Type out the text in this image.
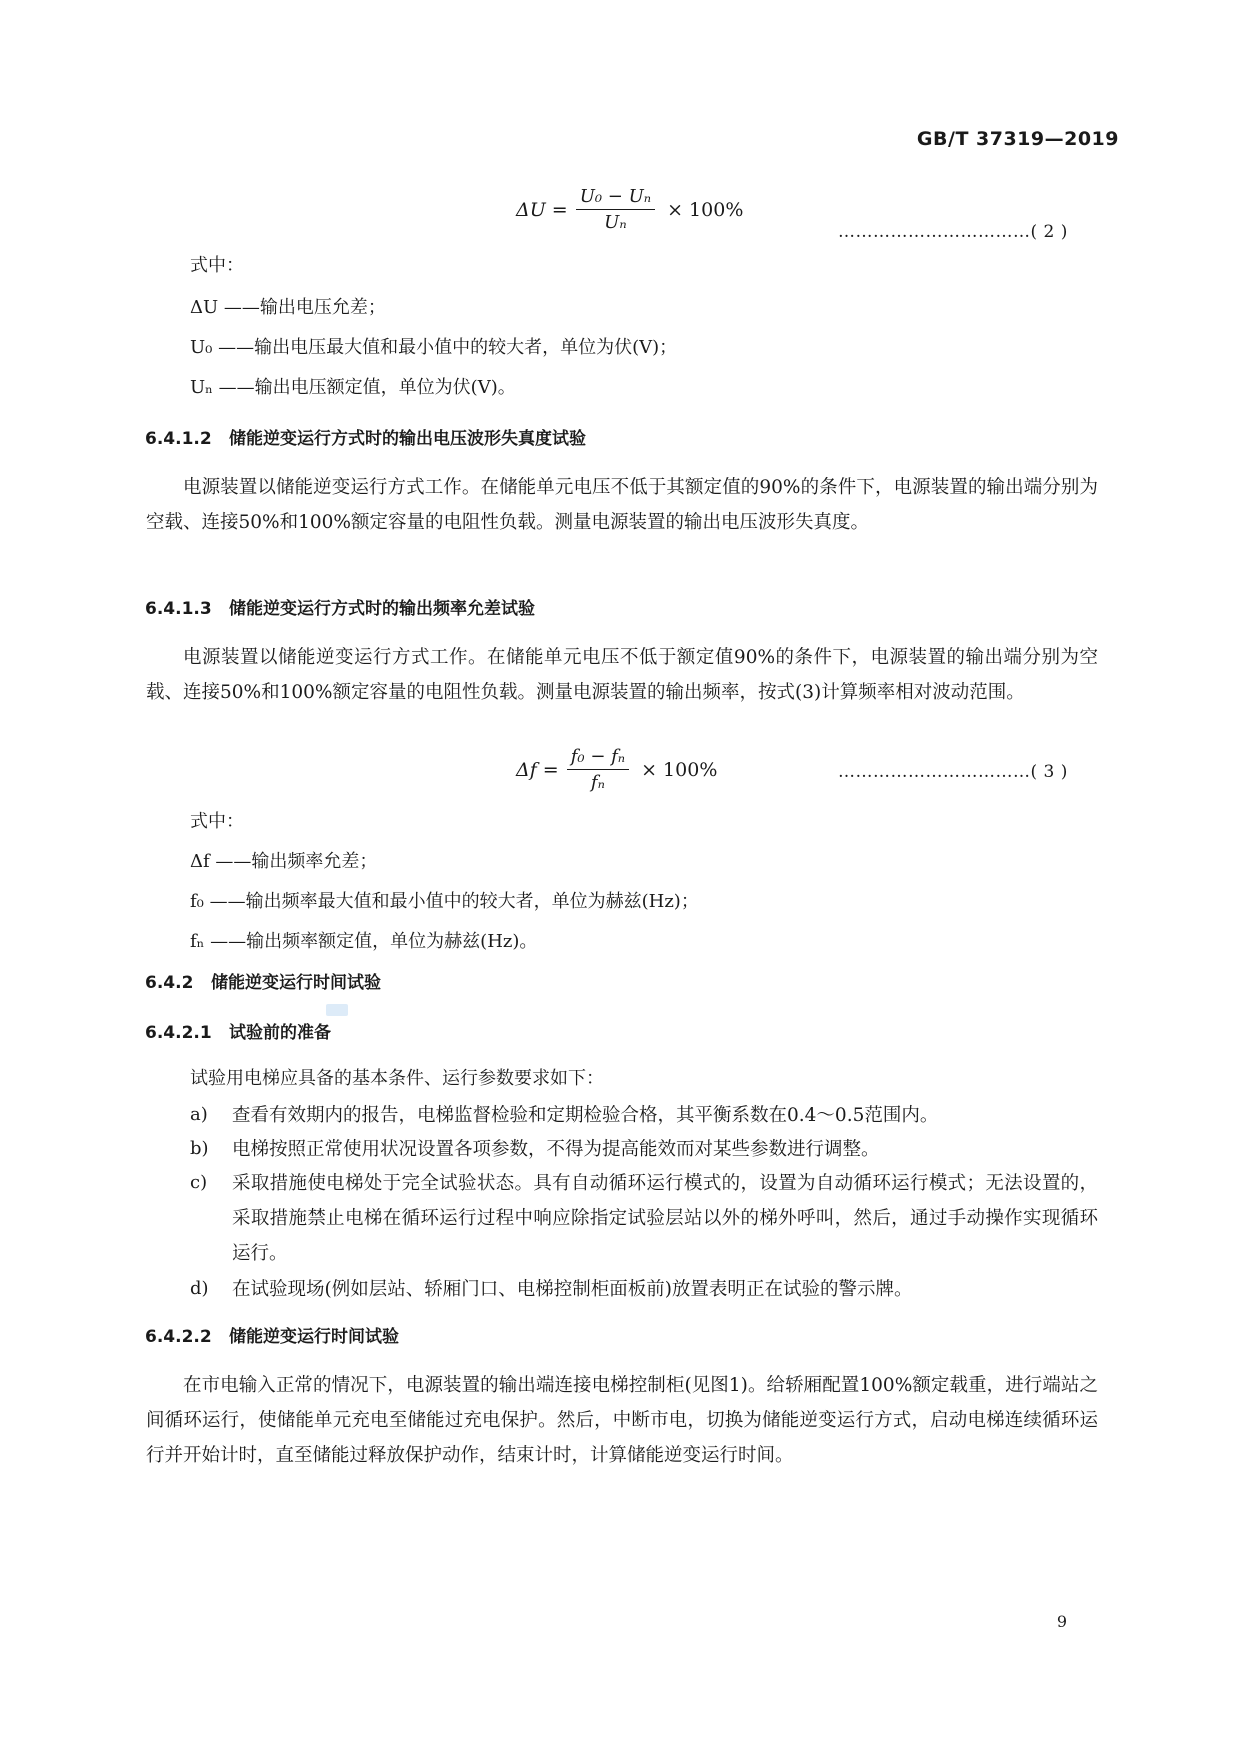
GB/T 37319—2019
$\Delta U = \frac{\text{U₀ − Uₙ}}{\text{Uₙ}} \times 100\%$
……………………………( 2 )
式中：
ΔU ——输出电压允差；
U₀ ——输出电压最大值和最小值中的较大者，单位为伏(V)；
Uₙ ——输出电压额定值，单位为伏(V)。
6.4.1.2 储能逆变运行方式时的输出电压波形失真度试验
电源装置以储能逆变运行方式工作。在储能单元电压不低于其额定值的90%的条件下，电源装置的输出端分别为空载、连接50%和100%额定容量的电阻性负载。测量电源装置的输出电压波形失真度。
6.4.1.3 储能逆变运行方式时的输出频率允差试验
电源装置以储能逆变运行方式工作。在储能单元电压不低于额定值90%的条件下，电源装置的输出端分别为空载、连接50%和100%额定容量的电阻性负载。测量电源装置的输出频率，按式(3)计算频率相对波动范围。
$\Delta f = \frac{\text{f₀ − fₙ}}{\text{fₙ}} \times 100\%$	……………………………( 3 )
式中：
Δf ——输出频率允差；
f₀ ——输出频率最大值和最小值中的较大者，单位为赫兹(Hz)；
fₙ ——输出频率额定值，单位为赫兹(Hz)。
6.4.2 储能逆变运行时间试验
6.4.2.1 试验前的准备
试验用电梯应具备的基本条件、运行参数要求如下：
a) 查看有效期内的报告，电梯监督检验和定期检验合格，其平衡系数在0.4～0.5范围内。
b) 电梯按照正常使用状况设置各项参数，不得为提高能效而对某些参数进行调整。
c) 采取措施使电梯处于完全试验状态。具有自动循环运行模式的，设置为自动循环运行模式；无法设置的，采取措施禁止电梯在循环运行过程中响应除指定试验层站以外的梯外呼叫，然后，通过手动操作实现循环运行。
d) 在试验现场(例如层站、轿厢门口、电梯控制柜面板前)放置表明正在试验的警示牌。
6.4.2.2 储能逆变运行时间试验
在市电输入正常的情况下，电源装置的输出端连接电梯控制柜(见图1)。给轿厢配置100%额定载重，进行端站之间循环运行，使储能单元充电至储能过充电保护。然后，中断市电，切换为储能逆变运行方式，启动电梯连续循环运行并开始计时，直至储能过释放保护动作，结束计时，计算储能逆变运行时间。
9
